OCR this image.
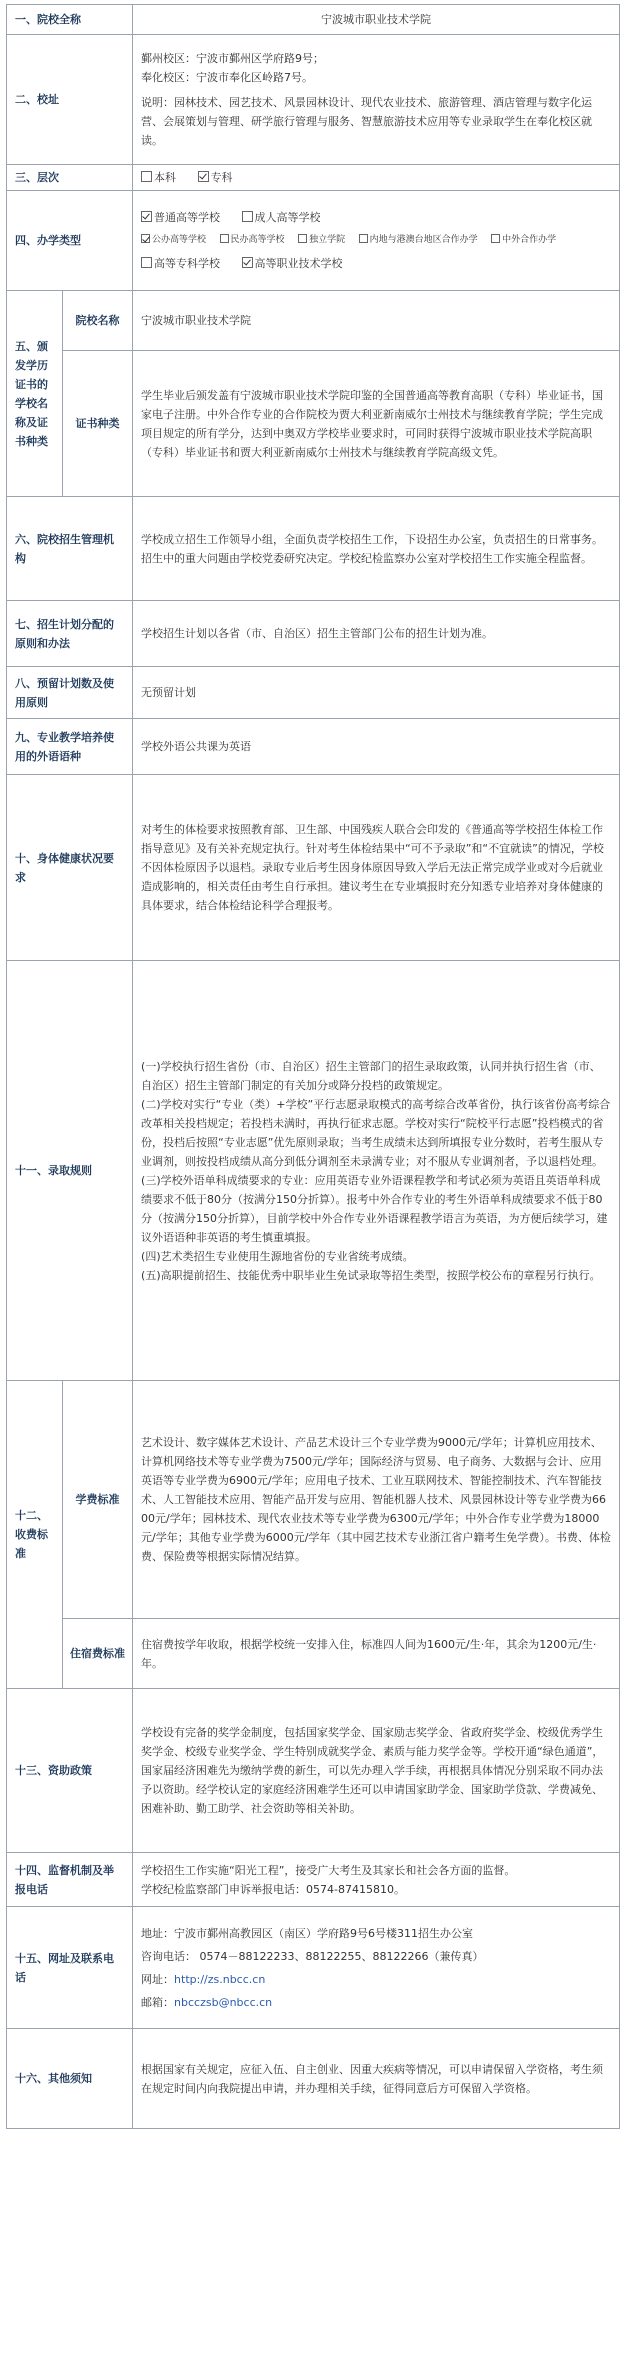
一、院校全称		宁波城市职业技术学院
二、校址		鄞州校区：宁波市鄞州区学府路9号；

奉化校区：宁波市奉化区岭路7号。

说明：园林技术、园艺技术、风景园林设计、现代农业技术、旅游管理、酒店管理与数字化运营、会展策划与管理、研学旅行管理与服务、智慧旅游技术应用等专业录取学生在奉化校区就读。

三、层次		本科 专科
四、办学类型		普通高等学校 成人高等学校

公办高等学校 民办高等学校 独立学院 内地与港澳台地区合作办学 中外合作办学

高等专科学校 高等职业技术学校

五、颁发学历证书的学校名称及证书种类	院校名称	宁波城市职业技术学院
	证书种类	学生毕业后颁发盖有宁波城市职业技术学院印鉴的全国普通高等教育高职（专科）毕业证书，国家电子注册。中外合作专业的合作院校为贾大利亚新南威尔士州技术与继续教育学院；学生完成项目规定的所有学分，达到中奥双方学校毕业要求时，可同时获得宁波城市职业技术学院高职（专科）毕业证书和贾大利亚新南威尔士州技术与继续教育学院高级文凭。
六、院校招生管理机构		学校成立招生工作领导小组，全面负责学校招生工作，下设招生办公室，负责招生的日常事务。招生中的重大问题由学校党委研究决定。学校纪检监察办公室对学校招生工作实施全程监督。
七、招生计划分配的原则和办法		学校招生计划以各省（市、自治区）招生主管部门公布的招生计划为准。
八、预留计划数及使用原则		无预留计划
九、专业教学培养使用的外语语种		学校外语公共课为英语
十、身体健康状况要求		对考生的体检要求按照教育部、卫生部、中国残疾人联合会印发的《普通高等学校招生体检工作指导意见》及有关补充规定执行。针对考生体检结果中“可不予录取”和“不宜就读”的情况，学校不因体检原因予以退档。录取专业后考生因身体原因导致入学后无法正常完成学业或对今后就业造成影响的，相关责任由考生自行承担。建议考生在专业填报时充分知悉专业培养对身体健康的具体要求，结合体检结论科学合理报考。
十一、录取规则		(一)学校执行招生省份（市、自治区）招生主管部门的招生录取政策，认同并执行招生省（市、自治区）招生主管部门制定的有关加分或降分投档的政策规定。

(二)学校对实行“专业（类）+学校”平行志愿录取模式的高考综合改革省份，执行该省份高考综合改革相关投档规定；若投档未满时，再执行征求志愿。学校对实行“院校平行志愿”投档模式的省份，投档后按照“专业志愿”优先原则录取；当考生成绩未达到所填报专业分数时，若考生服从专业调剂，则按投档成绩从高分到低分调剂至未录满专业；对不服从专业调剂者，予以退档处理。

(三)学校外语单科成绩要求的专业：应用英语专业外语课程教学和考试必须为英语且英语单科成绩要求不低于80分（按满分150分折算）。报考中外合作专业的考生外语单科成绩要求不低于80分（按满分150分折算），目前学校中外合作专业外语课程教学语言为英语，为方便后续学习，建议外语语种非英语的考生慎重填报。

(四)艺术类招生专业使用生源地省份的专业省统考成绩。

(五)高职提前招生、技能优秀中职毕业生免试录取等招生类型，按照学校公布的章程另行执行。

十二、收费标准	学费标准	艺术设计、数字媒体艺术设计、产品艺术设计三个专业学费为9000元/学年；计算机应用技术、计算机网络技术等专业学费为7500元/学年；国际经济与贸易、电子商务、大数据与会计、应用英语等专业学费为6900元/学年；应用电子技术、工业互联网技术、智能控制技术、汽车智能技术、人工智能技术应用、智能产品开发与应用、智能机器人技术、风景园林设计等专业学费为6600元/学年；园林技术、现代农业技术等专业学费为6300元/学年；中外合作专业学费为18000元/学年；其他专业学费为6000元/学年（其中园艺技术专业浙江省户籍考生免学费）。书费、体检费、保险费等根据实际情况结算。
	住宿费标准	住宿费按学年收取，根据学校统一安排入住，标准四人间为1600元/生·年，其余为1200元/生·年。
十三、资助政策		学校设有完备的奖学金制度，包括国家奖学金、国家励志奖学金、省政府奖学金、校级优秀学生奖学金、校级专业奖学金、学生特别成就奖学金、素质与能力奖学金等。学校开通“绿色通道”，国家届经济困难先为缴纳学费的新生，可以先办理入学手续，再根据具体情况分别采取不同办法予以资助。经学校认定的家庭经济困难学生还可以申请国家助学金、国家助学贷款、学费减免、困难补助、勤工助学、社会资助等相关补助。
十四、监督机制及举报电话		学校招生工作实施“阳光工程”，接受广大考生及其家长和社会各方面的监督。

学校纪检监察部门申诉举报电话：0574-87415810。

十五、网址及联系电话		地址：宁波市鄞州高教园区（南区）学府路9号6号楼311招生办公室

咨询电话： 0574－88122233、88122255、88122266（兼传真）

网址：http://zs.nbcc.cn

邮箱：nbcczsb@nbcc.cn

十六、其他须知		根据国家有关规定，应征入伍、自主创业、因重大疾病等情况，可以申请保留入学资格，考生须在规定时间内向我院提出申请，并办理相关手续，征得同意后方可保留入学资格。
